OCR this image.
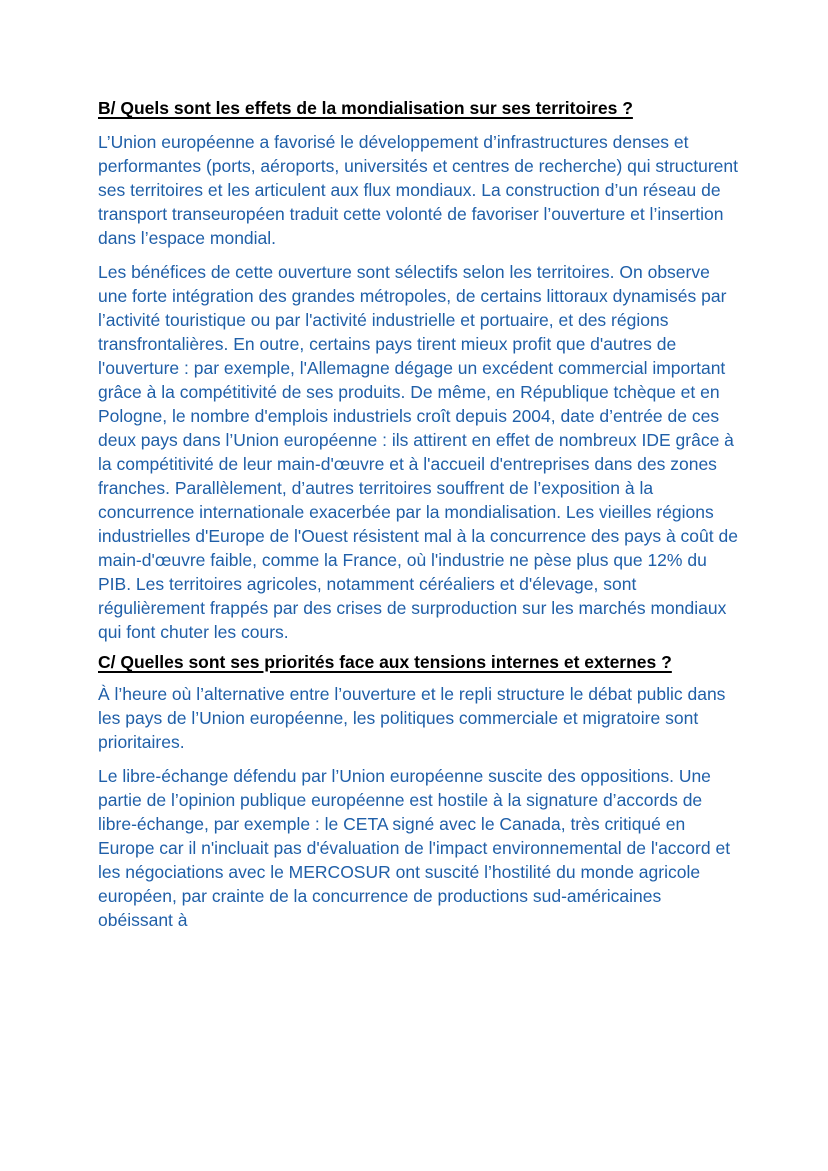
B/ Quels sont les effets de la mondialisation sur ses territoires ?

L’Union européenne a favorisé le développement d’infrastructures denses et performantes (ports, aéroports, universités et centres de recherche) qui structurent ses territoires et les articulent aux flux mondiaux. La construction d’un réseau de transport transeuropéen traduit cette volonté de favoriser l’ouverture et l’insertion dans l’espace mondial.

Les bénéfices de cette ouverture sont sélectifs selon les territoires. On observe une forte intégration des grandes métropoles, de certains littoraux dynamisés par l’activité touristique ou par l'activité industrielle et portuaire, et des régions transfrontalières. En outre, certains pays tirent mieux profit que d'autres de l'ouverture : par exemple, l'Allemagne dégage un excédent commercial important grâce à la compétitivité de ses produits. De même, en République tchèque et en Pologne, le nombre d'emplois industriels croît depuis 2004, date d’entrée de ces deux pays dans l’Union européenne : ils attirent en effet de nombreux IDE grâce à la compétitivité de leur main-d'œuvre et à l'accueil d'entreprises dans des zones franches. Parallèlement, d’autres territoires souffrent de l’exposition à la concurrence internationale exacerbée par la mondialisation. Les vieilles régions industrielles d'Europe de l'Ouest résistent mal à la concurrence des pays à coût de main-d'œuvre faible, comme la France, où l'industrie ne pèse plus que 12% du PIB. Les territoires agricoles, notamment céréaliers et d'élevage, sont régulièrement frappés par des crises de surproduction sur les marchés mondiaux qui font chuter les cours.

C/ Quelles sont ses priorités face aux tensions internes et externes ?

À l’heure où l’alternative entre l’ouverture et le repli structure le débat public dans les pays de l’Union européenne, les politiques commerciale et migratoire sont prioritaires.

Le libre-échange défendu par l’Union européenne suscite des oppositions. Une partie de l’opinion publique européenne est hostile à la signature d’accords de libre-échange, par exemple : le CETA signé avec le Canada, très critiqué en Europe car il n'incluait pas d'évaluation de l'impact environnemental de l'accord et les négociations avec le MERCOSUR ont suscité l’hostilité du monde agricole européen, par crainte de la concurrence de productions sud-américaines obéissant à
